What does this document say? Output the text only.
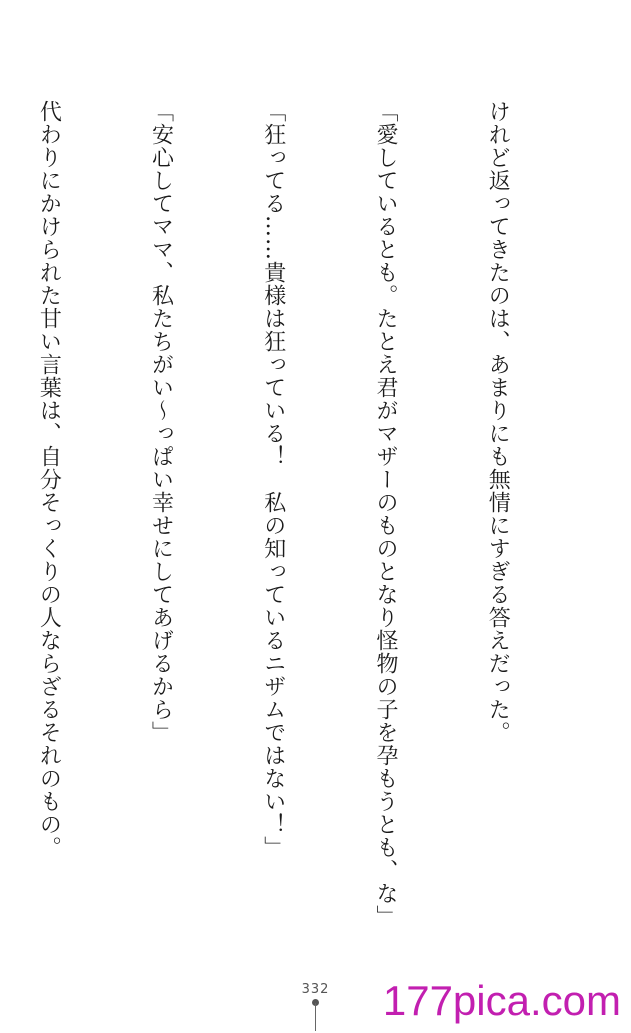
けれど返ってきたのは、あまりにも無情にすぎる答えだった。

「愛しているとも。たとえ君がマザーのものとなり怪物の子を孕もうとも、な」

「狂ってる……貴様は狂っている！　私の知っているニザムではない！」

「安心してママ、私たちがい～っぱい幸せにしてあげるから」

代わりにかけられた甘い言葉は、自分そっくりの人ならざるそれのもの。

332	177pica.com
